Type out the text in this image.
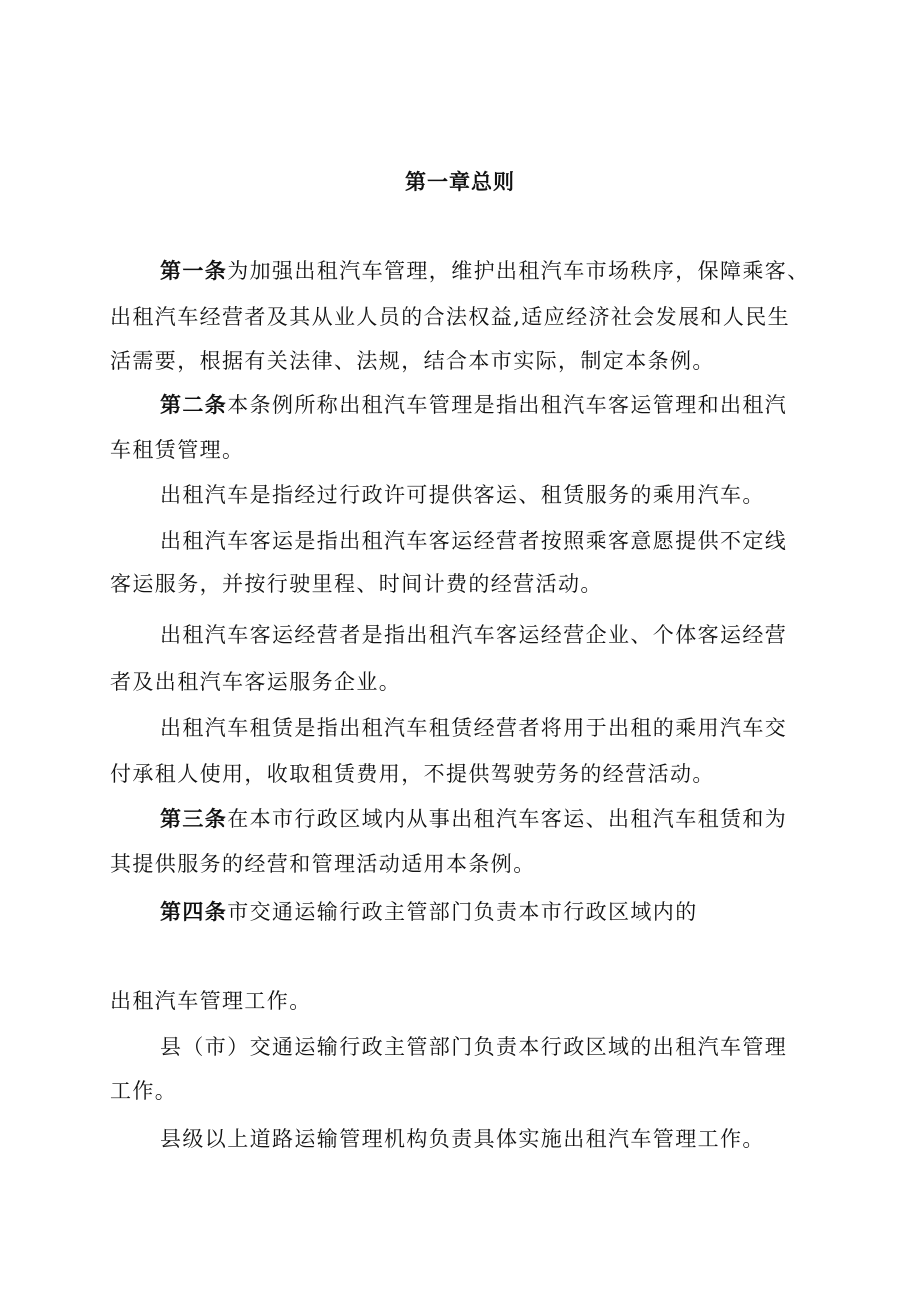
第一章总则
第一条为加强出租汽车管理，维护出租汽车市场秩序，保障乘客、
出租汽车经营者及其从业人员的合法权益,适应经济社会发展和人民生
活需要，根据有关法律、法规，结合本市实际，制定本条例。
第二条本条例所称出租汽车管理是指出租汽车客运管理和出租汽
车租赁管理。
出租汽车是指经过行政许可提供客运、租赁服务的乘用汽车。
出租汽车客运是指出租汽车客运经营者按照乘客意愿提供不定线
客运服务，并按行驶里程、时间计费的经营活动。
出租汽车客运经营者是指出租汽车客运经营企业、个体客运经营
者及出租汽车客运服务企业。
出租汽车租赁是指出租汽车租赁经营者将用于出租的乘用汽车交
付承租人使用，收取租赁费用，不提供驾驶劳务的经营活动。
第三条在本市行政区域内从事出租汽车客运、出租汽车租赁和为
其提供服务的经营和管理活动适用本条例。
第四条市交通运输行政主管部门负责本市行政区域内的
出租汽车管理工作。
县（市）交通运输行政主管部门负责本行政区域的出租汽车管理
工作。
县级以上道路运输管理机构负责具体实施出租汽车管理工作。
